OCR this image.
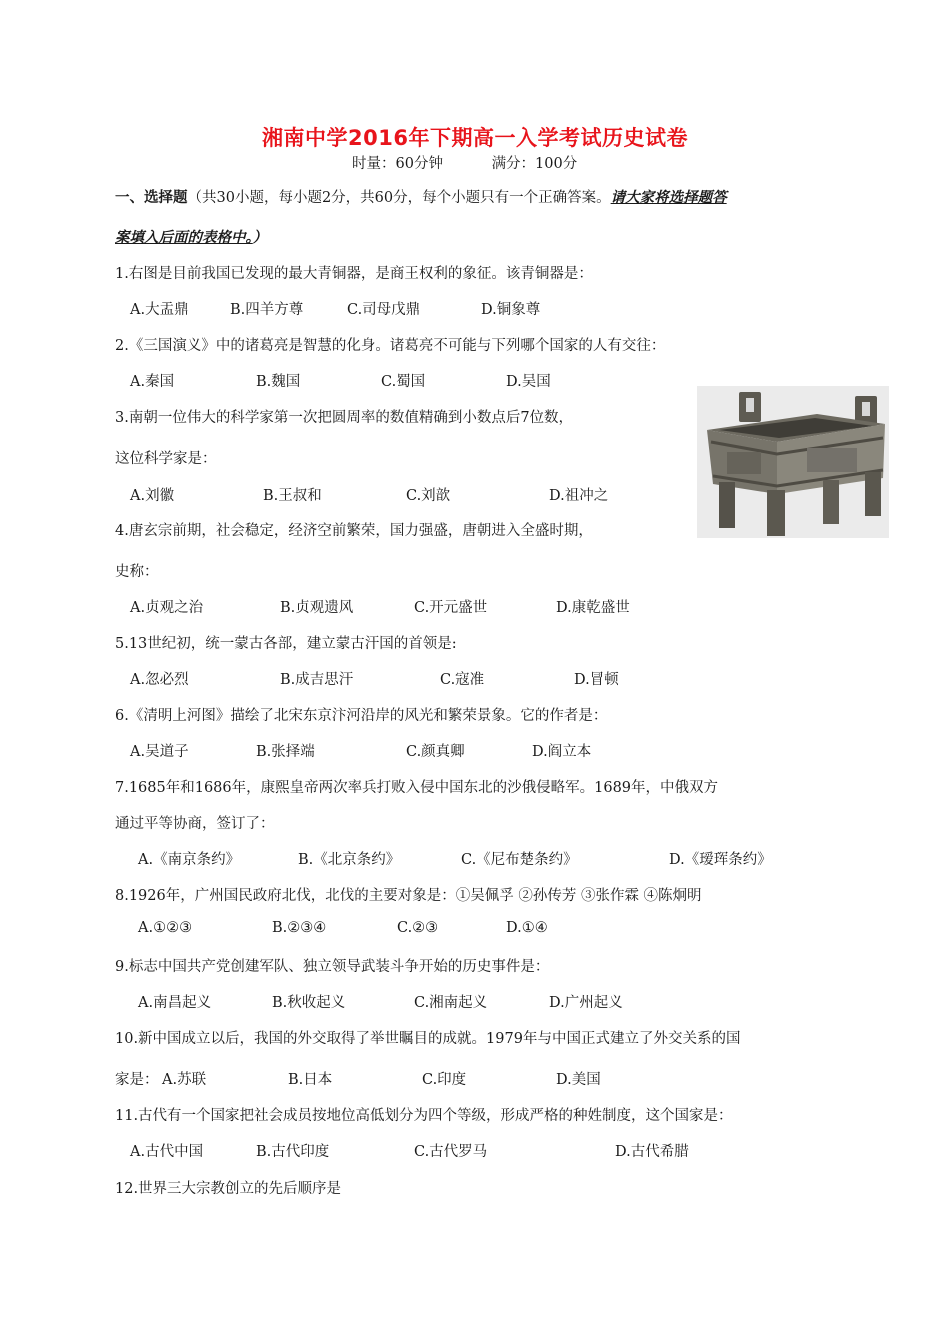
湘南中学2016年下期高一入学考试历史试卷
时量：60分钟	满分：100分
一、选择题（共30小题，每小题2分，共60分，每个小题只有一个正确答案。请大家将选择题答
案填入后面的表格中。）
1.右图是目前我国已发现的最大青铜器，是商王权利的象征。该青铜器是：
A.大盂鼎	B.四羊方尊	C.司母戊鼎	D.铜象尊
2.《三国演义》中的诸葛亮是智慧的化身。诸葛亮不可能与下列哪个国家的人有交往：
A.秦国	B.魏国	C.蜀国	D.吴国
3.南朝一位伟大的科学家第一次把圆周率的数值精确到小数点后7位数，
这位科学家是：
A.刘徽	B.王叔和	C.刘歆	D.祖冲之
4.唐玄宗前期，社会稳定，经济空前繁荣，国力强盛，唐朝进入全盛时期，
史称：
A.贞观之治	B.贞观遗风	C.开元盛世	D.康乾盛世
5.13世纪初，统一蒙古各部，建立蒙古汗国的首领是:
A.忽必烈	B.成吉思汗	C.寇准	D.冒顿
6.《清明上河图》描绘了北宋东京汴河沿岸的风光和繁荣景象。它的作者是：
A.吴道子	B.张择端	C.颜真卿	D.阎立本
7.1685年和1686年，康熙皇帝两次率兵打败入侵中国东北的沙俄侵略军。1689年，中俄双方
通过平等协商，签订了：
A.《南京条约》	B.《北京条约》	C.《尼布楚条约》	D.《瑷珲条约》
8.1926年，广州国民政府北伐，北伐的主要对象是：①吴佩孚 ②孙传芳 ③张作霖 ④陈炯明
A.①②③	B.②③④	C.②③	D.①④
9.标志中国共产党创建军队、独立领导武装斗争开始的历史事件是：
A.南昌起义	B.秋收起义	C.湘南起义	D.广州起义
10.新中国成立以后，我国的外交取得了举世瞩目的成就。1979年与中国正式建立了外交关系的国
家是： A.苏联	B.日本	C.印度	D.美国
11.古代有一个国家把社会成员按地位高低划分为四个等级，形成严格的种姓制度，这个国家是：
A.古代中国	B.古代印度	C.古代罗马	D.古代希腊
12.世界三大宗教创立的先后顺序是
